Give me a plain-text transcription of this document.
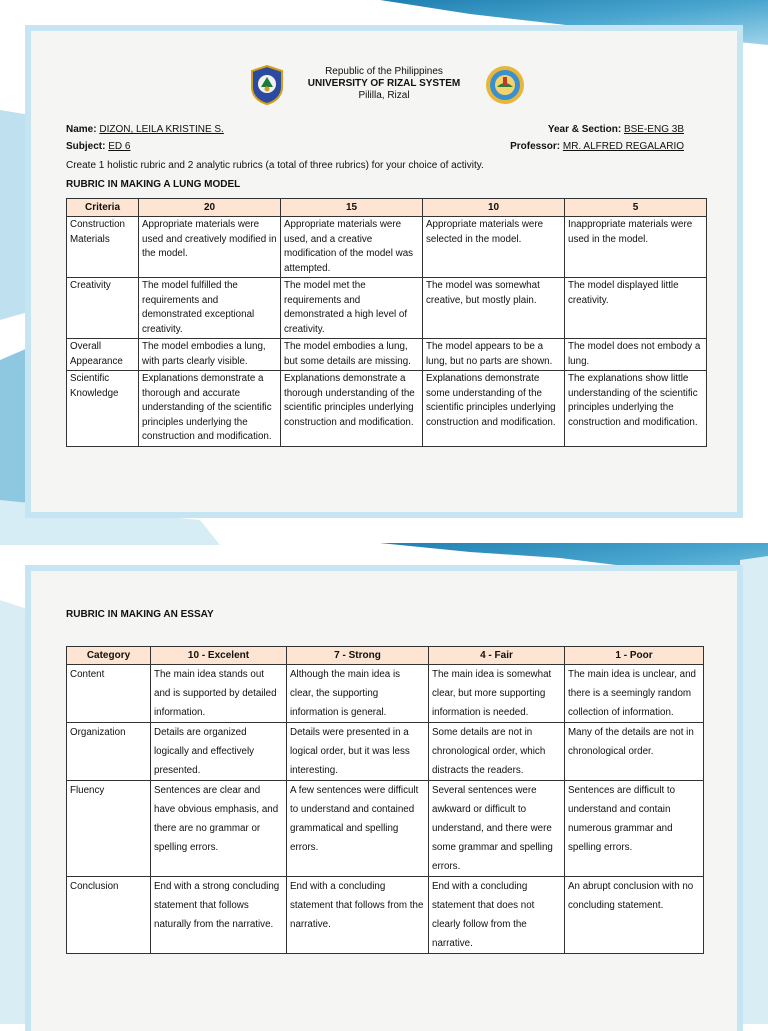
Republic of the Philippines
UNIVERSITY OF RIZAL SYSTEM
Pililla, Rizal
Name: DIZON, LEILA KRISTINE S.
Subject: ED 6
Year & Section: BSE-ENG 3B
Professor: MR. ALFRED REGALARIO
Create 1 holistic rubric and 2 analytic rubrics (a total of three rubrics) for your choice of activity.
RUBRIC IN MAKING A LUNG MODEL
Criteria	20	15	10	5
Construction Materials	Appropriate materials were used and creatively modified in the model.	Appropriate materials were used, and a creative modification of the model was attempted.	Appropriate materials were selected in the model.	Inappropriate materials were used in the model.
Creativity	The model fulfilled the requirements and demonstrated exceptional creativity.	The model met the requirements and demonstrated a high level of creativity.	The model was somewhat creative, but mostly plain.	The model displayed little creativity.
Overall Appearance	The model embodies a lung, with parts clearly visible.	The model embodies a lung, but some details are missing.	The model appears to be a lung, but no parts are shown.	The model does not embody a lung.
Scientific Knowledge	Explanations demonstrate a thorough and accurate understanding of the scientific principles underlying the construction and modification.	Explanations demonstrate a thorough understanding of the scientific principles underlying construction and modification.	Explanations demonstrate some understanding of the scientific principles underlying construction and modification.	The explanations show little understanding of the scientific principles underlying the construction and modification.
RUBRIC IN MAKING AN ESSAY
Category	10 - Excelent	7 - Strong	4 - Fair	1 - Poor
Content	The main idea stands out and is supported by detailed information.	Although the main idea is clear, the supporting information is general.	The main idea is somewhat clear, but more supporting information is needed.	The main idea is unclear, and there is a seemingly random collection of information.
Organization	Details are organized logically and effectively presented.	Details were presented in a logical order, but it was less interesting.	Some details are not in chronological order, which distracts the readers.	Many of the details are not in chronological order.
Fluency	Sentences are clear and have obvious emphasis, and there are no grammar or spelling errors.	A few sentences were difficult to understand and contained grammatical and spelling errors.	Several sentences were awkward or difficult to understand, and there were some grammar and spelling errors.	Sentences are difficult to understand and contain numerous grammar and spelling errors.
Conclusion	End with a strong concluding statement that follows naturally from the narrative.	End with a concluding statement that follows from the narrative.	End with a concluding statement that does not clearly follow from the narrative.	An abrupt conclusion with no concluding statement.
